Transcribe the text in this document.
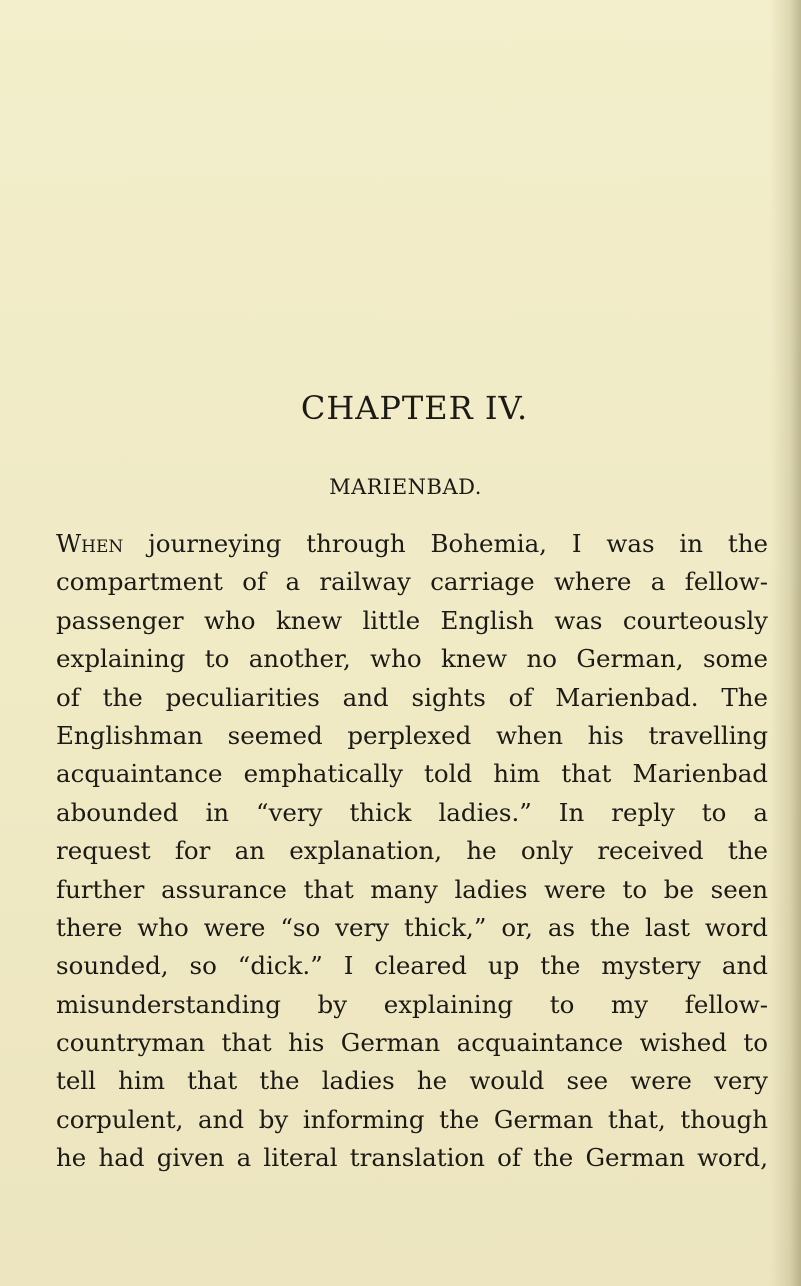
CHAPTER IV.
MARIENBAD.
When journeying through Bohemia, I was in the
compartment of a railway carriage where a fellow-
passenger who knew little English was courteously
explaining to another, who knew no German, some
of the peculiarities and sights of Marienbad. The
Englishman seemed perplexed when his travelling
acquaintance emphatically told him that Marienbad
abounded in “very thick ladies.” In reply to a
request for an explanation, he only received the
further assurance that many ladies were to be seen
there who were “so very thick,” or, as the last word
sounded, so “dick.” I cleared up the mystery and
misunderstanding by explaining to my fellow-
countryman that his German acquaintance wished to
tell him that the ladies he would see were very
corpulent, and by informing the German that, though
he had given a literal translation of the German word,
